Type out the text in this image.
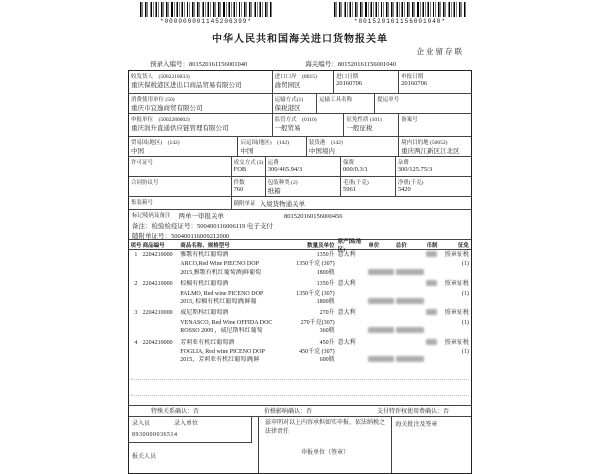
*000000001145206399*	*801520161156001040*
中华人民共和国海关进口货物报关单
企业留存联
预录入编号：801520161156001040	海关编号：801520161156001040
收发货人　(5002210033)
重庆保税港区进出口商品贸易有限公司
进口口岸　(8015)
渝贸园区
进口日期
20160706
申报日期
20160706
消费使用单位 (50)
重庆市宜逸商贸有限公司
运输方式(1)
保税港区
运输工具名称	提运单号
申报单位　(5002280002)
重庆润升直通供应链管理有限公司
监管方式　(0110)
一般贸易
征免性质 (101)
一般征税
备案号
贸易国(地区)　(142)
中国
启运国(地区)　(142)
中国
装货港　(142)
中国境内
境内目的地 (50052)
重庆两江新区江北区
许可证号	成交方式 (3)
FOB
运费
300/465.94/3
保费
000/0.3/1
杂费
300/125.75/3
合同协议号	件数
760
包装种类 (2)
纸箱
毛重(千克)
5961
净重(千克)
3420
集装箱号	随附单证 入境货物通关单
标记唛码及备注 两单一审报关单	801520160156000456
备注：检验检疫证号：500400116006119 电子支付
随附单证号：500400116009212000
项号 商品编号	商品名称、规格型号	数量及单位
原产国(地区)
单价	总价	币制	征免
1 2204210000	雅歌有机红葡萄酒	1350升 意大利	照章征税
ARCO,Red Wine PIECNO DOP	1350千克 (307)	(1)
2015,雅歌有机红葡萄酒|鲜葡萄	1800瓶
2 2204210000	棕榈有机红葡萄酒	1350升 意大利	照章征税
PALMO, Red wine PICENO DOP	1350千克 (307)	(1)
2015, 棕榈有机红葡萄酒|鲜葡	1800瓶
3 2204210000	威尼斯科红葡萄酒	270升 意大利	照章征税
VENASCO, Red Wine OFFIDA DOC	270千克(307)	(1)
ROSSO 2009 ，威尼斯科红葡萄	360瓶
4 2204210000	芳莉亚有机红葡萄酒	450升 意大利	照章征税
FOGLIA, Red wine PICENO DOP	450千克 (307)	(1)
2015，芳莉亚有机红葡萄酒|鲜	600瓶
特殊关系确认：否	价格影响确认：否	支付特许权使用费确认：否
录入员	录入单位
8930000036514
报关人员
兹申明对以上内容承担如实申报、依法纳税之法律责任
申报单位（签章）
海关批注及签章
